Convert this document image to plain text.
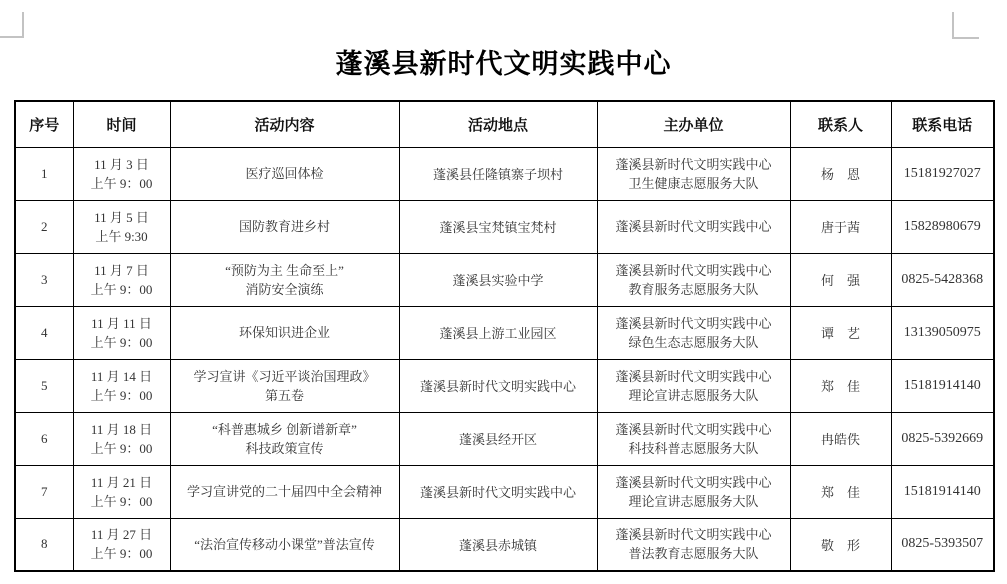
蓬溪县新时代文明实践中心
序号	时间	活动内容	活动地点	主办单位	联系人	联系电话
1	11 月 3 日
上午 9：00	医疗巡回体检	蓬溪县任隆镇寨子坝村	蓬溪县新时代文明实践中心
卫生健康志愿服务大队	杨　恩	15181927027
2	11 月 5 日
上午 9:30	国防教育进乡村	蓬溪县宝梵镇宝梵村	蓬溪县新时代文明实践中心	唐于茜	15828980679
3	11 月 7 日
上午 9：00	“预防为主 生命至上”
消防安全演练	蓬溪县实验中学	蓬溪县新时代文明实践中心
教育服务志愿服务大队	何　强	0825-5428368
4	11 月 11 日
上午 9：00	环保知识进企业	蓬溪县上游工业园区	蓬溪县新时代文明实践中心
绿色生态志愿服务大队	谭　艺	13139050975
5	11 月 14 日
上午 9：00	学习宣讲《习近平谈治国理政》
第五卷	蓬溪县新时代文明实践中心	蓬溪县新时代文明实践中心
理论宣讲志愿服务大队	郑　佳	15181914140
6	11 月 18 日
上午 9：00	“科普惠城乡 创新谱新章”
科技政策宣传	蓬溪县经开区	蓬溪县新时代文明实践中心
科技科普志愿服务大队	冉皓佚	0825-5392669
7	11 月 21 日
上午 9：00	学习宣讲党的二十届四中全会精神	蓬溪县新时代文明实践中心	蓬溪县新时代文明实践中心
理论宣讲志愿服务大队	郑　佳	15181914140
8	11 月 27 日
上午 9：00	“法治宣传移动小课堂”普法宣传	蓬溪县赤城镇	蓬溪县新时代文明实践中心
普法教育志愿服务大队	敬　形	0825-5393507
